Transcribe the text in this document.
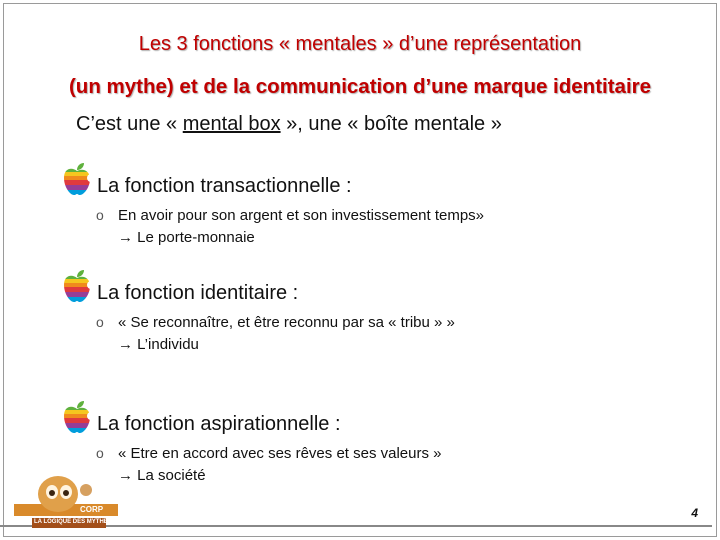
Les 3 fonctions « mentales » d’une représentation
(un mythe) et de la communication d’une marque identitaire
C’est une « mental box », une « boîte mentale »
La fonction transactionnelle :
o En avoir pour son argent et son investissement temps»
→ Le porte-monnaie
La fonction identitaire :
o « Se reconnaître, et être reconnu par sa « tribu » »
→ L’individu
La fonction aspirationnelle :
o « Etre en accord avec ses rêves et ses valeurs »
→ La société
CORP
LA LOGIQUE DES MYTHES
4
